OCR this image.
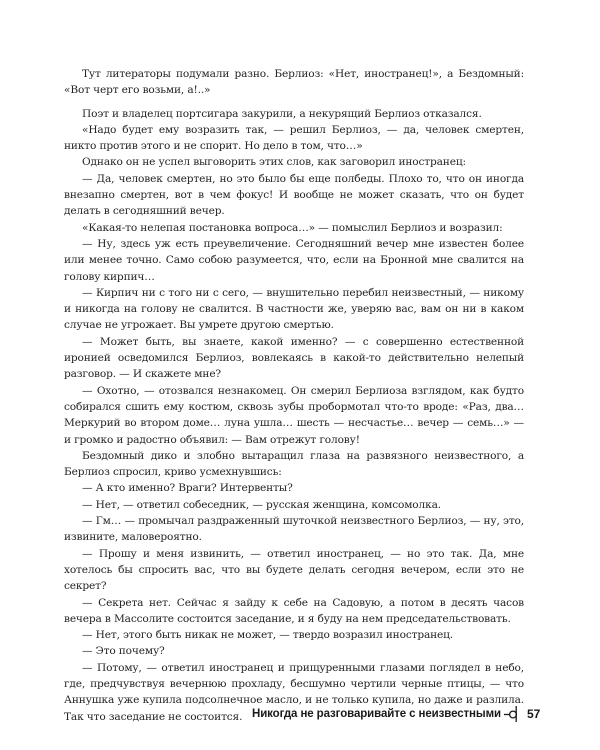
Тут литераторы подумали разно. Берлиоз: «Нет, иностранец!», а Бездомный: «Вот черт его возьми, а!..»

Поэт и владелец портсигара закурили, а некурящий Берлиоз отказался.

«Надо будет ему возразить так, — решил Берлиоз, — да, человек смертен, никто против этого и не спорит. Но дело в том, что…»

Однако он не успел выговорить этих слов, как заговорил иностранец:

— Да, человек смертен, но это было бы еще полбеды. Плохо то, что он иногда внезапно смертен, вот в чем фокус! И вообще не может сказать, что он будет делать в сегодняшний вечер.

«Какая-то нелепая постановка вопроса…» — помыслил Берлиоз и возразил:

— Ну, здесь уж есть преувеличение. Сегодняшний вечер мне известен более или менее точно. Само собою разумеется, что, если на Бронной мне свалится на голову кирпич…

— Кирпич ни с того ни с сего, — внушительно перебил неизвестный, — никому и никогда на голову не свалится. В частности же, уверяю вас, вам он ни в каком случае не угрожает. Вы умрете другою смертью.

— Может быть, вы знаете, какой именно? — с совершенно естественной иронией осведомился Берлиоз, вовлекаясь в какой-то действительно нелепый разговор. — И скажете мне?

— Охотно, — отозвался незнакомец. Он смерил Берлиоза взглядом, как будто собирался сшить ему костюм, сквозь зубы пробормотал что-то вроде: «Раз, два… Меркурий во втором доме… луна ушла… шесть — несчастье… вечер — семь…» — и громко и радостно объявил: — Вам отрежут голову!

Бездомный дико и злобно вытаращил глаза на развязного неизвестного, а Берлиоз спросил, криво усмехнувшись:

— А кто именно? Враги? Интервенты?

— Нет, — ответил собеседник, — русская женщина, комсомолка.

— Гм… — промычал раздраженный шуточкой неизвестного Берлиоз, — ну, это, извините, маловероятно.

— Прошу и меня извинить, — ответил иностранец, — но это так. Да, мне хотелось бы спросить вас, что вы будете делать сегодня вечером, если это не секрет?

— Секрета нет. Сейчас я зайду к себе на Садовую, а потом в десять часов вечера в Массолите состоится заседание, и я буду на нем председательствовать.

— Нет, этого быть никак не может, — твердо возразил иностранец.

— Это почему?

— Потому, — ответил иностранец и прищуренными глазами поглядел в небо, где, предчувствуя вечернюю прохладу, бесшумно чертили черные птицы, — что Аннушка уже купила подсолнечное масло, и не только купила, но даже и разлила. Так что заседание не состоится. Никогда не разговаривайте с неизвестными 57
